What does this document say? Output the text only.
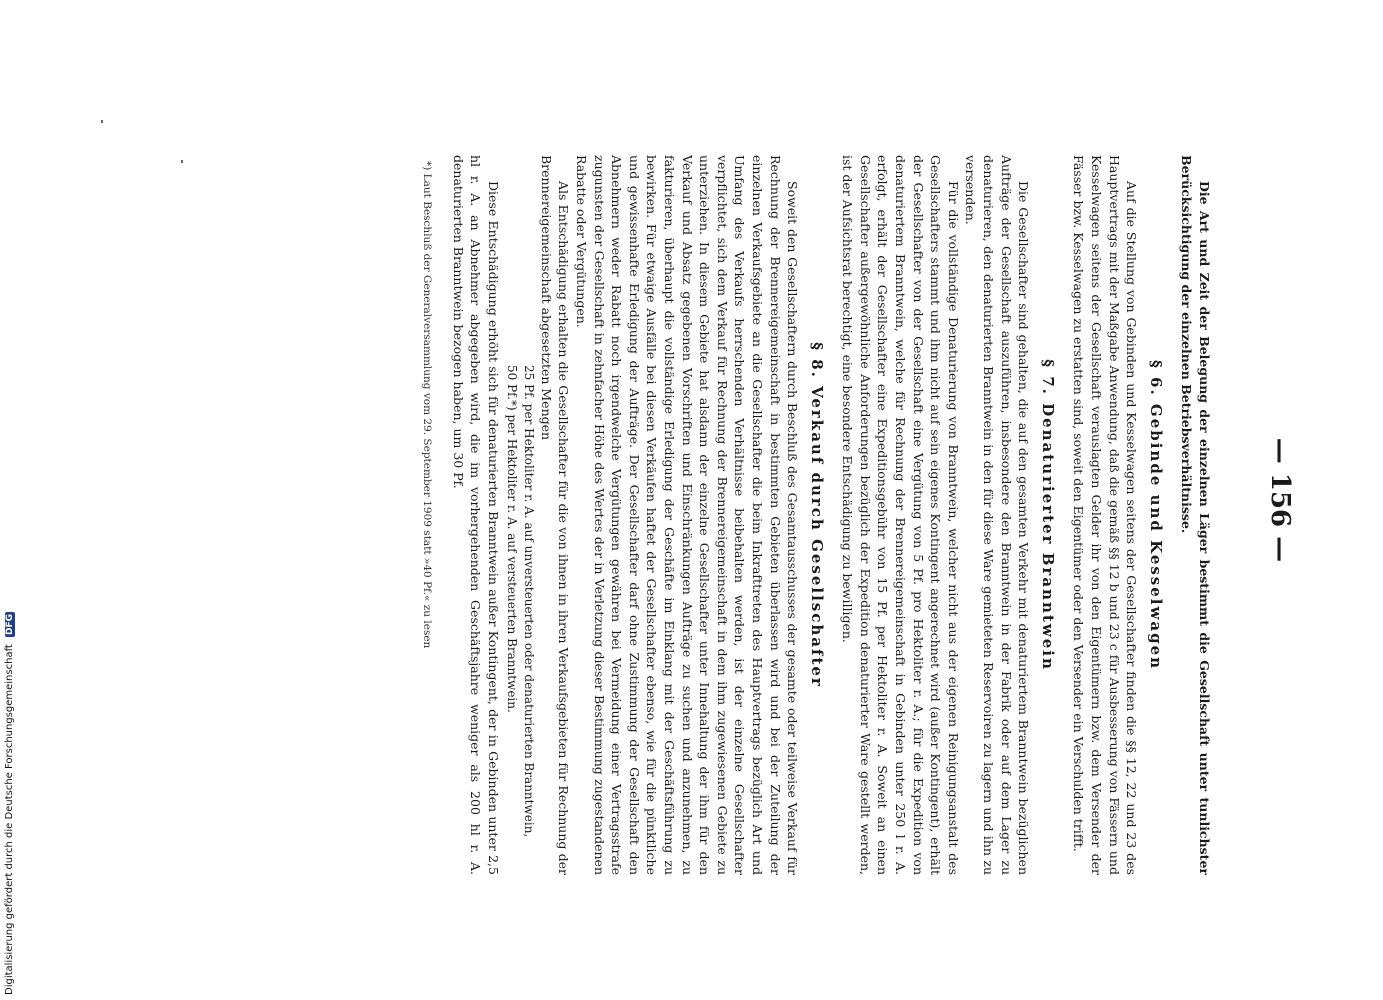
— 156 —

Die Art und Zeit der Belegung der einzelnen Läger bestimmt die Gesellschaft unter tunlichster Berücksichtigung der einzelnen Betriebsverhältnisse.

§ 6. Gebinde und Kesselwagen

Auf die Stellung von Gebinden und Kesselwagen seitens der Gesellschafter finden die §§ 12, 22 und 23 des Hauptvertrags mit der Maßgabe Anwendung, daß die gemäß §§ 12 b und 23 c für Ausbesserung von Fässern und Kesselwagen seitens der Gesellschaft verauslagten Gelder ihr von den Eigentümern bzw. dem Versender der Fässer bzw. Kesselwagen zu erstatten sind, soweit den Eigentümer oder den Versender ein Verschulden trifft.

§ 7. Denaturierter Branntwein

Die Gesellschafter sind gehalten, die auf den gesamten Verkehr mit denaturiertem Branntwein bezüglichen Aufträge der Gesellschaft auszuführen, insbesondere den Branntwein in der Fabrik oder auf dem Lager zu denaturieren, den denaturierten Branntwein in den für diese Ware gemieteten Reservoiren zu lagern und ihn zu versenden.

Für die vollständige Denaturierung von Branntwein, welcher nicht aus der eigenen Reinigungsanstalt des Gesellschafters stammt und ihm nicht auf sein eigenes Kontingent angerechnet wird (außer Kontingent), erhält der Gesellschafter von der Gesellschaft eine Vergütung von 5 Pf. pro Hektoliter r. A.; für die Expedition von denaturiertem Branntwein, welche für Rechnung der Brennereigemeinschaft in Gebinden unter 250 l r. A. erfolgt, erhält der Gesellschafter eine Expeditionsgebühr von 15 Pf. per Hektoliter r. A. Soweit an einen Gesellschafter außergewöhnliche Anforderungen bezüglich der Expedition denaturierter Ware gestellt werden, ist der Aufsichtsrat berechtigt, eine besondere Entschädigung zu bewilligen.

§ 8. Verkauf durch Gesellschafter

Soweit den Gesellschaftern durch Beschluß des Gesamtausschusses der gesamte oder teilweise Verkauf für Rechnung der Brennereigemeinschaft in bestimmten Gebieten überlassen wird und bei der Zuteilung der einzelnen Verkaufsgebiete an die Gesellschafter die beim Inkrafttreten des Hauptvertrags bezüglich Art und Umfang des Verkaufs herrschenden Verhältnisse beibehalten werden, ist der einzelne Gesellschafter verpflichtet, sich dem Verkauf für Rechnung der Brennereigemeinschaft in dem ihm zugewiesenen Gebiete zu unterziehen. In diesem Gebiete hat alsdann der einzelne Gesellschafter unter Innehaltung der ihm für den Verkauf und Absatz gegebenen Vorschriften und Einschränkungen Aufträge zu suchen und anzunehmen, zu fakturieren, überhaupt die vollständige Erledigung der Geschäfte im Einklang mit der Geschäftsführung zu bewirken. Für etwaige Ausfälle bei diesen Verkäufen haftet der Gesellschafter ebenso, wie für die pünktliche und gewissenhafte Erledigung der Aufträge. Der Gesellschafter darf ohne Zustimmung der Gesellschaft den Abnehmern weder Rabatt noch irgendwelche Vergütungen gewähren bei Vermeidung einer Vertragsstrafe zugunsten der Gesellschaft in zehnfacher Höhe des Wertes der in Verletzung dieser Bestimmung zugestandenen Rabatte oder Vergütungen.

Als Entschädigung erhalten die Gesellschafter für die von ihnen in ihren Verkaufsgebieten für Rechnung der Brennereigemeinschaft abgesetzten Mengen

25 Pf. per Hektoliter r. A. auf unversteuerten oder denaturierten Branntwein,

50 Pf.*) per Hektoliter r. A. auf versteuerten Branntwein.

Diese Entschädigung erhöht sich für denaturierten Branntwein außer Kontingent, der in Gebinden unter 2,5 hl r. A. an Abnehmer abgegeben wird, die im vorhergehenden Geschäftsjahre weniger als 200 hl r. A. denaturierten Branntwein bezogen haben, um 30 Pf.

*) Laut Beschluß der Generalversammlung vom 29. September 1909 statt »40 Pf.« zu lesen

Digitalisierung gefördert durch die Deutsche Forschungsgemeinschaft DFG
